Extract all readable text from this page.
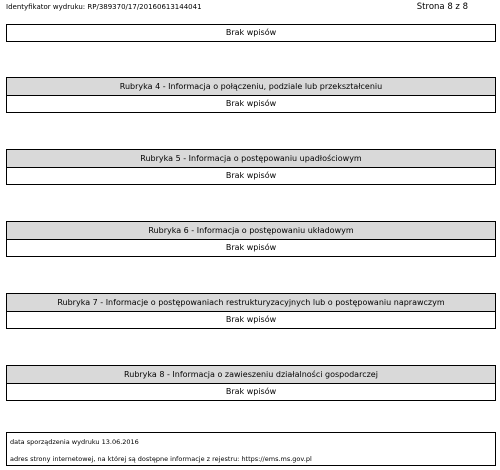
Identyfikator wydruku: RP/389370/17/20160613144041	Strona 8 z 8
Brak wpisów
Rubryka 4 - Informacja o połączeniu, podziale lub przekształceniu
Brak wpisów
Rubryka 5 - Informacja o postępowaniu upadłościowym
Brak wpisów
Rubryka 6 - Informacja o postępowaniu układowym
Brak wpisów
Rubryka 7 - Informacje o postępowaniach restrukturyzacyjnych lub o postępowaniu naprawczym
Brak wpisów
Rubryka 8 - Informacja o zawieszeniu działalności gospodarczej
Brak wpisów
data sporządzenia wydruku 13.06.2016
adres strony internetowej, na której są dostępne informacje z rejestru: https://ems.ms.gov.pl
